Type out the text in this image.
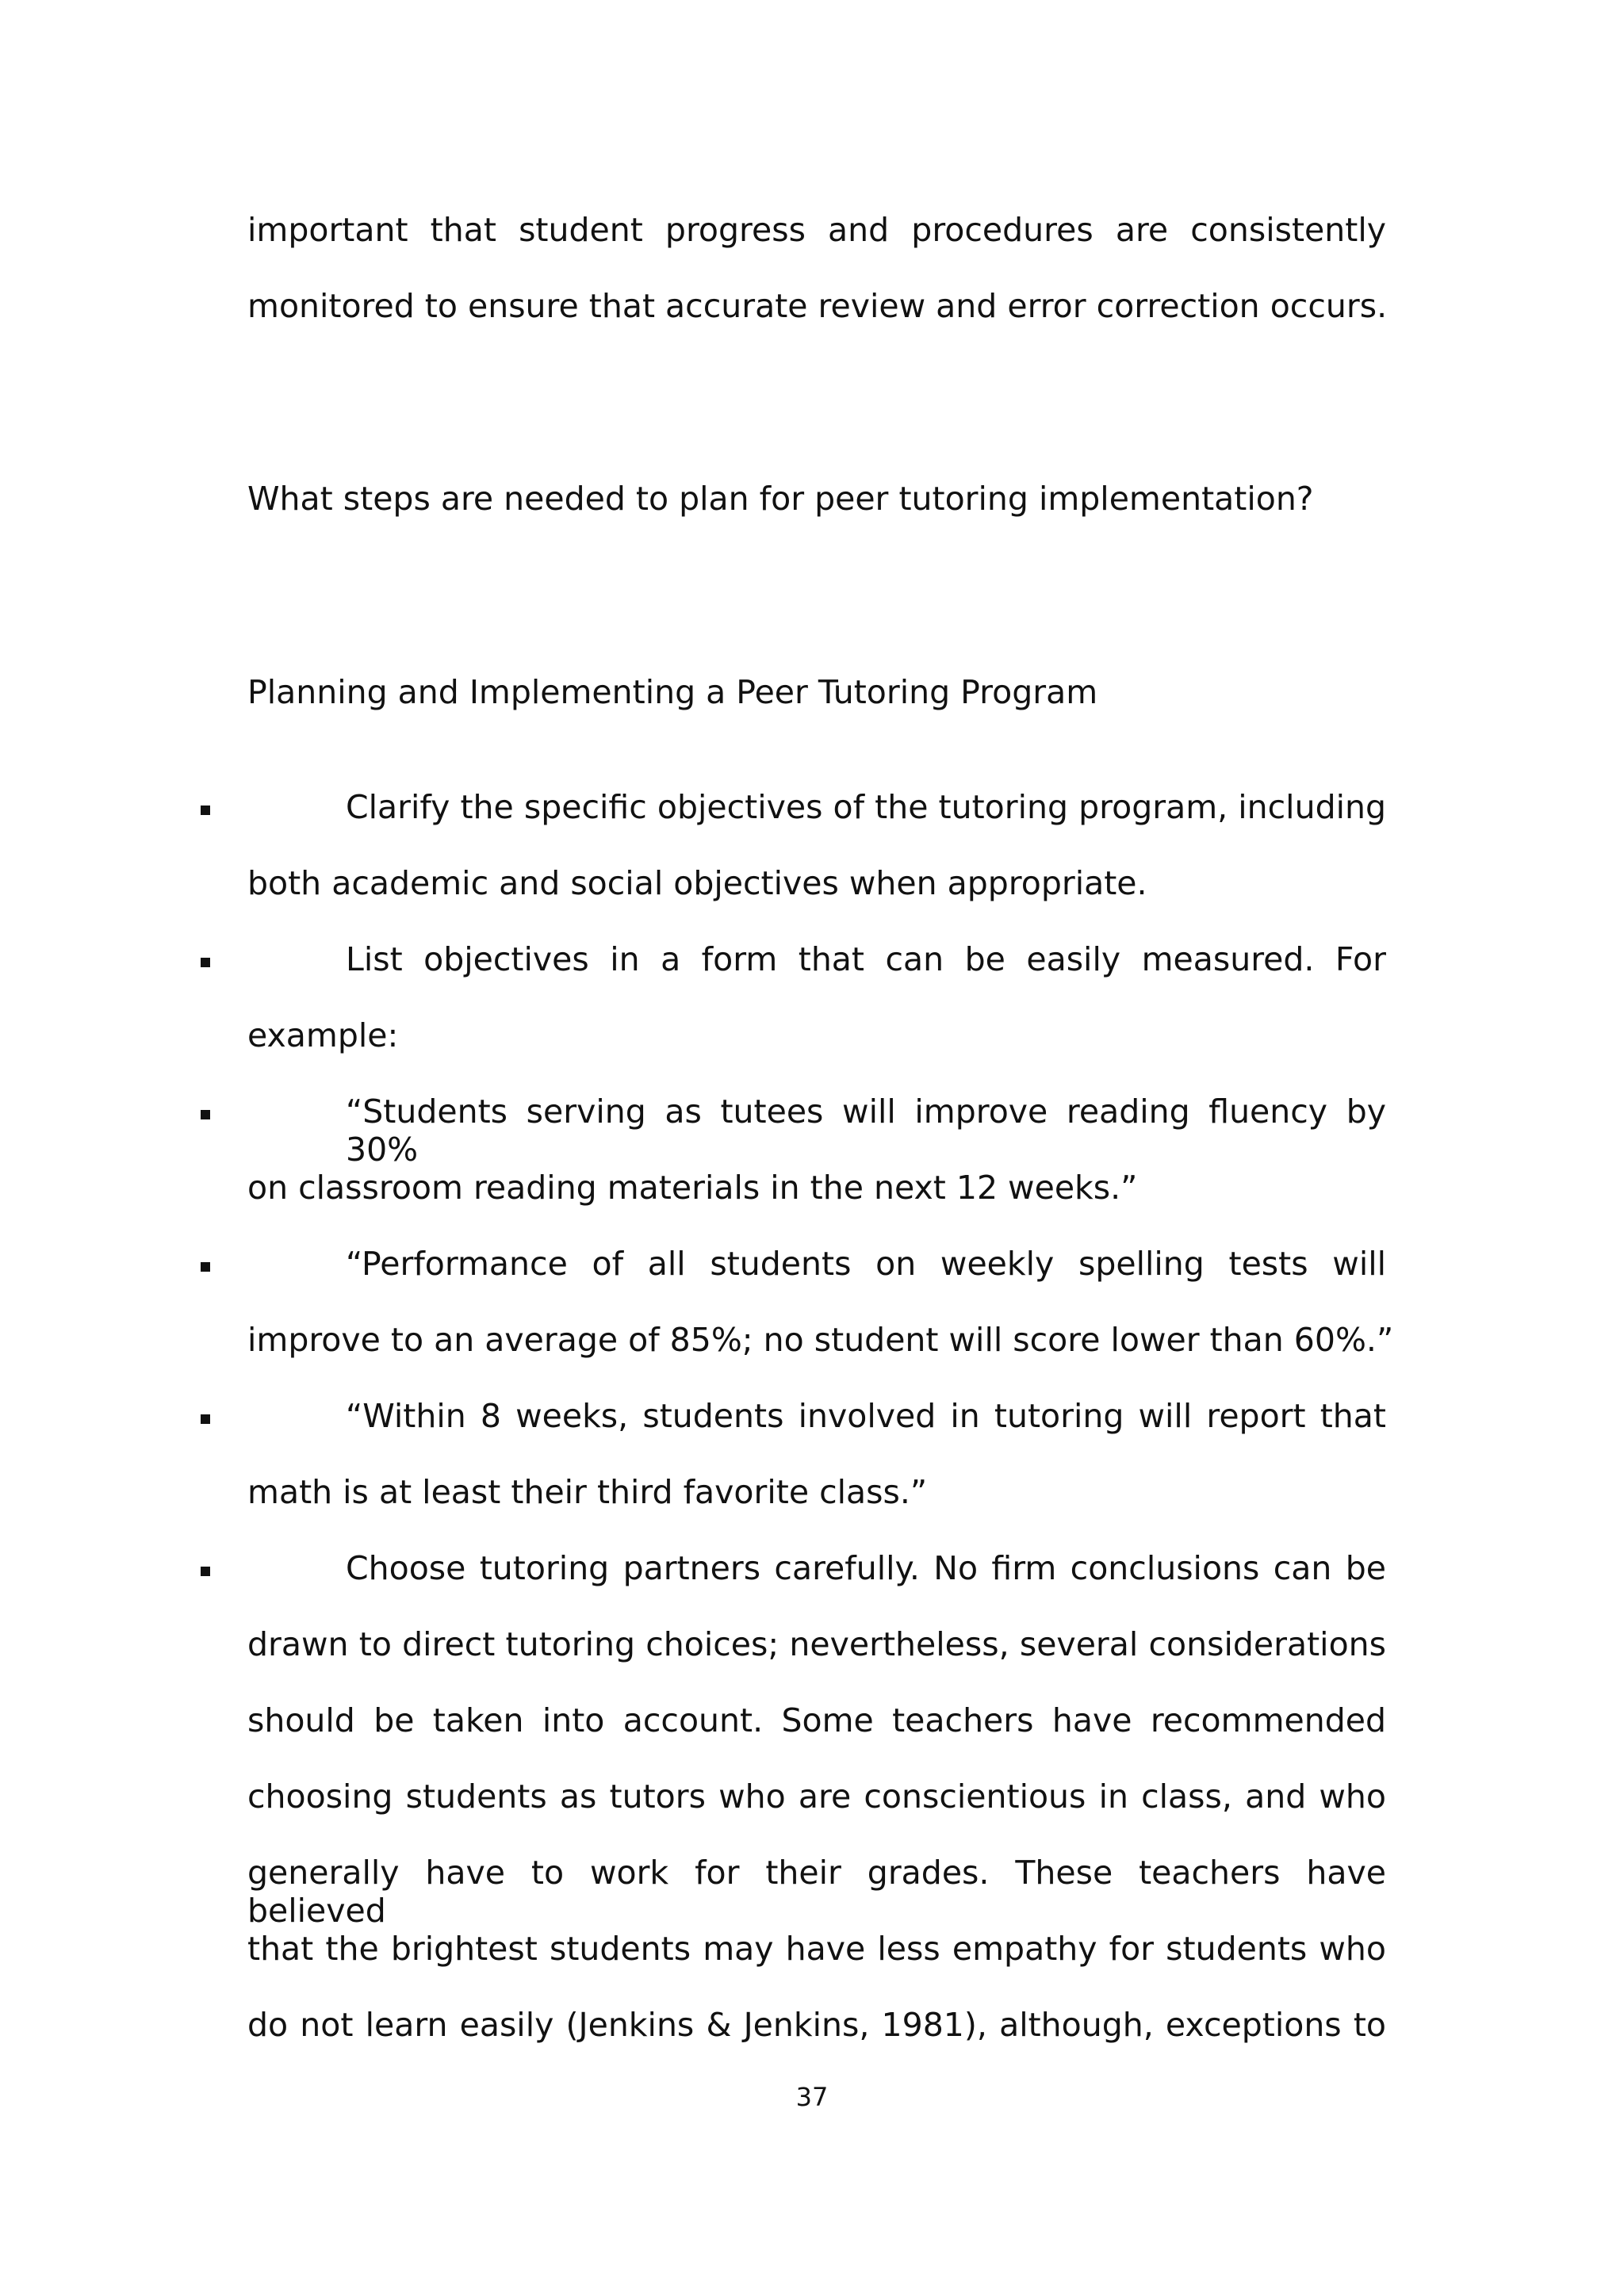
important that student progress and procedures are consistently
monitored to ensure that accurate review and error correction occurs.
What steps are needed to plan for peer tutoring implementation?
Planning and Implementing a Peer Tutoring Program
Clarify the specific objectives of the tutoring program, including
both academic and social objectives when appropriate.
List objectives in a form that can be easily measured. For
example:
“Students serving as tutees will improve reading fluency by 30%
on classroom reading materials in the next 12 weeks.”
“Performance of all students on weekly spelling tests will
improve to an average of 85%; no student will score lower than 60%.”
“Within 8 weeks, students involved in tutoring will report that
math is at least their third favorite class.”
Choose tutoring partners carefully. No firm conclusions can be
drawn to direct tutoring choices; nevertheless, several considerations
should be taken into account. Some teachers have recommended
choosing students as tutors who are conscientious in class, and who
generally have to work for their grades. These teachers have believed
that the brightest students may have less empathy for students who
do not learn easily (Jenkins & Jenkins, 1981), although, exceptions to
37
